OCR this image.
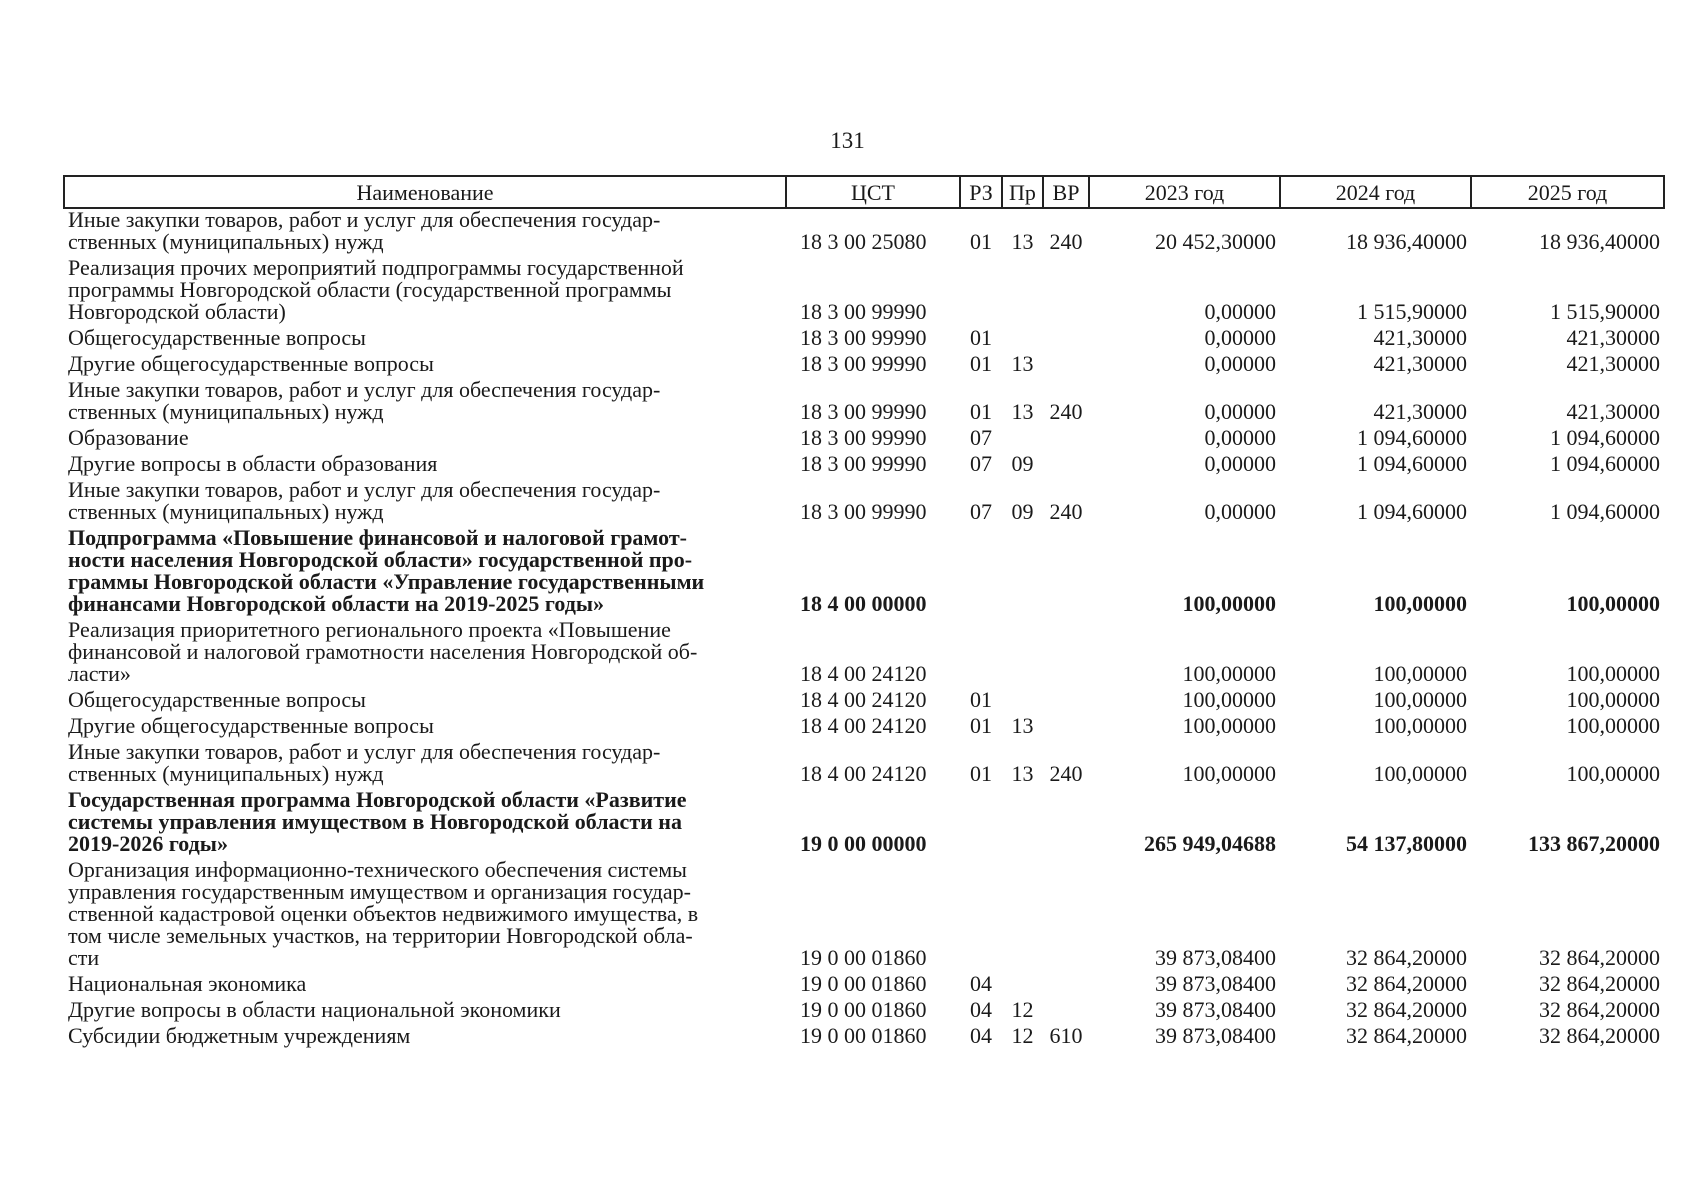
131
Наименование	ЦСТ	РЗ	Пр	ВР	2023 год	2024 год	2025 год

Иные закупки товаров, работ и услуг для обеспечения государ-
ственных (муниципальных) нужд	18 3 00 25080	01	13	240	20 452,30000	18 936,40000	18 936,40000

Реализация прочих мероприятий подпрограммы государственной
программы Новгородской области (государственной программы
Новгородской области)	18 3 00 99990				0,00000	1 515,90000	1 515,90000

Общегосударственные вопросы	18 3 00 99990	01			0,00000	421,30000	421,30000

Другие общегосударственные вопросы	18 3 00 99990	01	13		0,00000	421,30000	421,30000

Иные закупки товаров, работ и услуг для обеспечения государ-
ственных (муниципальных) нужд	18 3 00 99990	01	13	240	0,00000	421,30000	421,30000

Образование	18 3 00 99990	07			0,00000	1 094,60000	1 094,60000

Другие вопросы в области образования	18 3 00 99990	07	09		0,00000	1 094,60000	1 094,60000

Иные закупки товаров, работ и услуг для обеспечения государ-
ственных (муниципальных) нужд	18 3 00 99990	07	09	240	0,00000	1 094,60000	1 094,60000

Подпрограмма «Повышение финансовой и налоговой грамот-
ности населения Новгородской области» государственной про-
граммы Новгородской области «Управление государственными
финансами Новгородской области на 2019-2025 годы»	18 4 00 00000				100,00000	100,00000	100,00000

Реализация приоритетного регионального проекта «Повышение
финансовой и налоговой грамотности населения Новгородской об-
ласти»	18 4 00 24120				100,00000	100,00000	100,00000

Общегосударственные вопросы	18 4 00 24120	01			100,00000	100,00000	100,00000

Другие общегосударственные вопросы	18 4 00 24120	01	13		100,00000	100,00000	100,00000

Иные закупки товаров, работ и услуг для обеспечения государ-
ственных (муниципальных) нужд	18 4 00 24120	01	13	240	100,00000	100,00000	100,00000

Государственная программа Новгородской области «Развитие
системы управления имуществом в Новгородской области на
2019-2026 годы»	19 0 00 00000				265 949,04688	54 137,80000	133 867,20000

Организация информационно-технического обеспечения системы
управления государственным имуществом и организация государ-
ственной кадастровой оценки объектов недвижимого имущества, в
том числе земельных участков, на территории Новгородской обла-
сти	19 0 00 01860				39 873,08400	32 864,20000	32 864,20000

Национальная экономика	19 0 00 01860	04			39 873,08400	32 864,20000	32 864,20000

Другие вопросы в области национальной экономики	19 0 00 01860	04	12		39 873,08400	32 864,20000	32 864,20000

Субсидии бюджетным учреждениям	19 0 00 01860	04	12	610	39 873,08400	32 864,20000	32 864,20000
